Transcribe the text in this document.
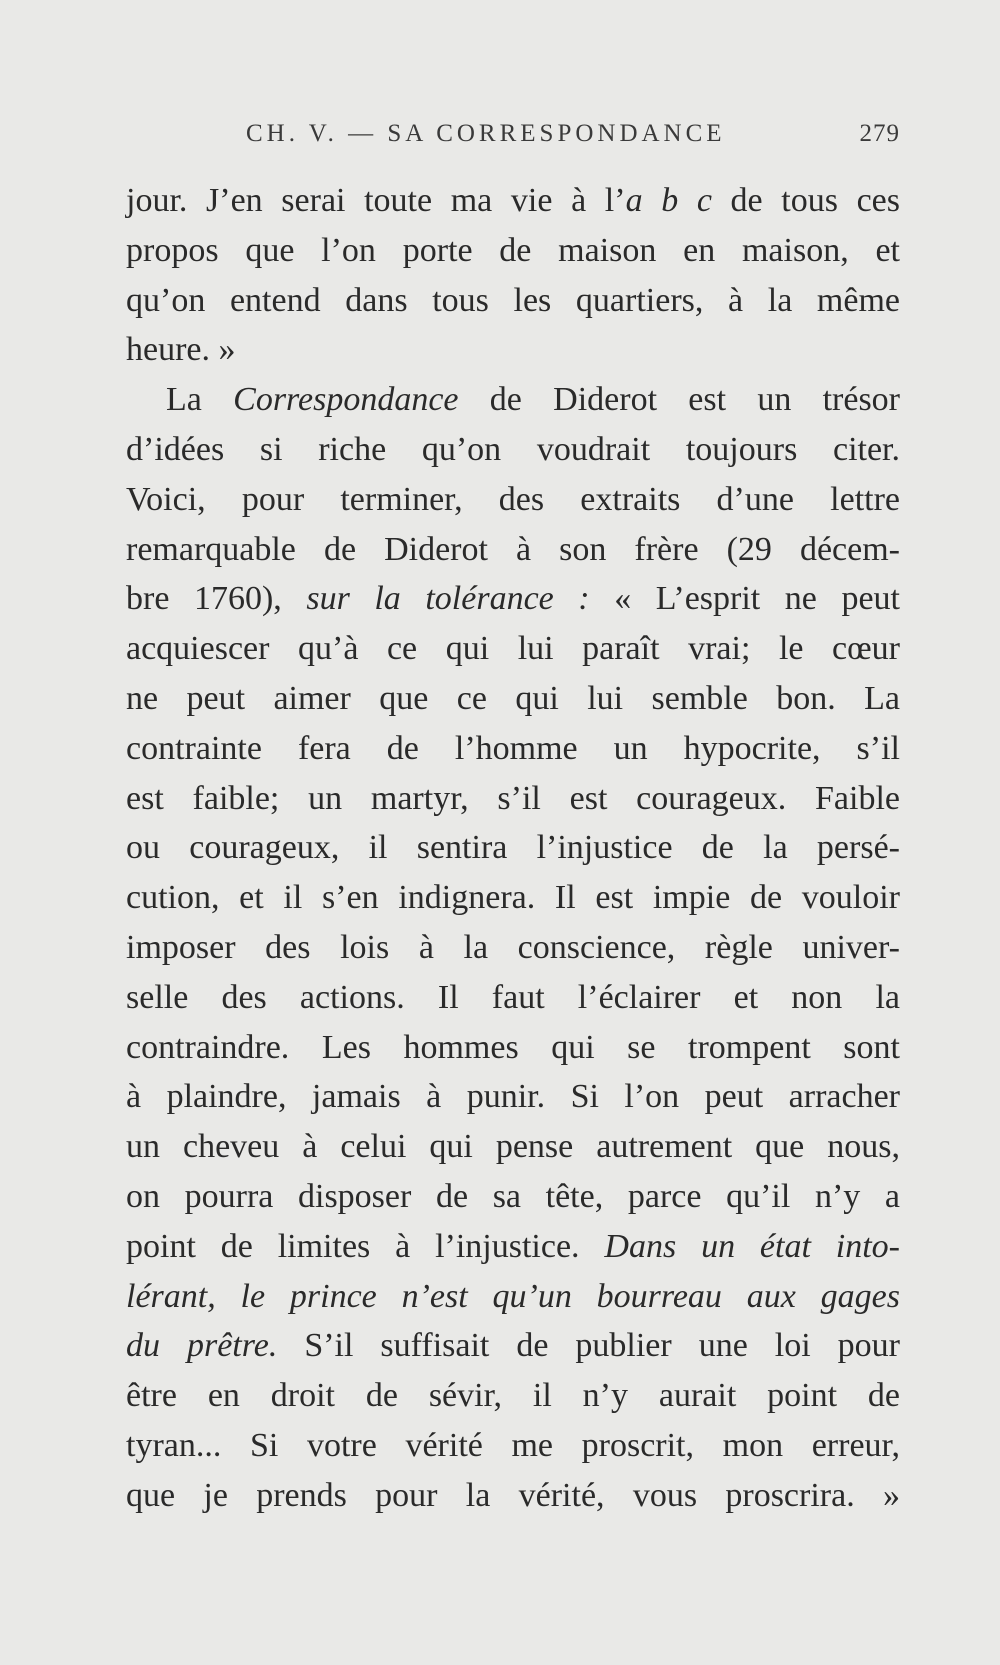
CH. V. — SA CORRESPONDANCE	279
jour. J’en serai toute ma vie à l’a b c de tous ces
propos que l’on porte de maison en maison, et
qu’on entend dans tous les quartiers, à la même
heure. »
La Correspondance de Diderot est un trésor
d’idées si riche qu’on voudrait toujours citer.
Voici, pour terminer, des extraits d’une lettre
remarquable de Diderot à son frère (29 décem-
bre 1760), sur la tolérance : « L’esprit ne peut
acquiescer qu’à ce qui lui paraît vrai; le cœur
ne peut aimer que ce qui lui semble bon. La
contrainte fera de l’homme un hypocrite, s’il
est faible; un martyr, s’il est courageux. Faible
ou courageux, il sentira l’injustice de la persé-
cution, et il s’en indignera. Il est impie de vouloir
imposer des lois à la conscience, règle univer-
selle des actions. Il faut l’éclairer et non la
contraindre. Les hommes qui se trompent sont
à plaindre, jamais à punir. Si l’on peut arracher
un cheveu à celui qui pense autrement que nous,
on pourra disposer de sa tête, parce qu’il n’y a
point de limites à l’injustice. Dans un état into-
lérant, le prince n’est qu’un bourreau aux gages
du prêtre. S’il suffisait de publier une loi pour
être en droit de sévir, il n’y aurait point de
tyran... Si votre vérité me proscrit, mon erreur,
que je prends pour la vérité, vous proscrira. »
